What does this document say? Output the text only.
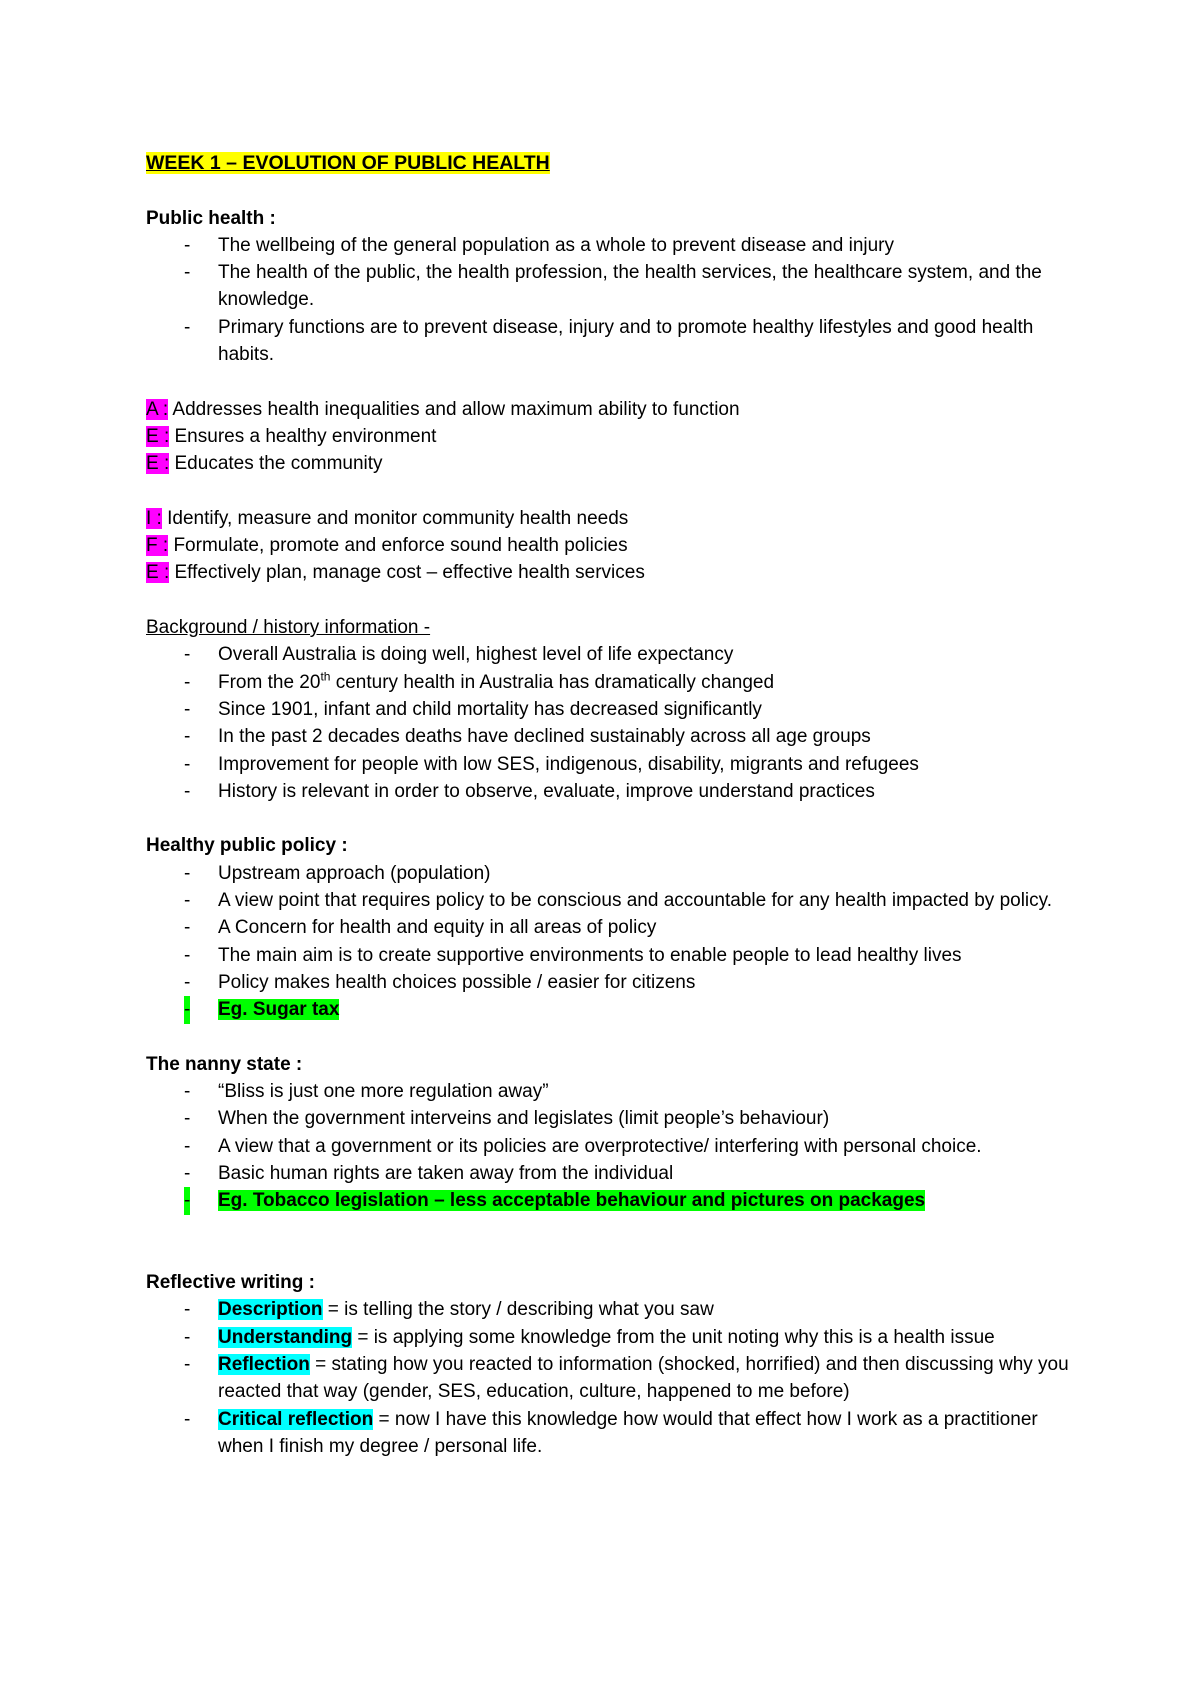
WEEK 1 – EVOLUTION OF PUBLIC HEALTH

Public health :

- The wellbeing of the general population as a whole to prevent disease and injury
- The health of the public, the health profession, the health services, the healthcare system, and the knowledge.
- Primary functions are to prevent disease, injury and to promote healthy lifestyles and good health habits.

A : Addresses health inequalities and allow maximum ability to function

E : Ensures a healthy environment

E : Educates the community

I : Identify, measure and monitor community health needs

F : Formulate, promote and enforce sound health policies

E : Effectively plan, manage cost – effective health services

Background / history information -

- Overall Australia is doing well, highest level of life expectancy
- From the 20th century health in Australia has dramatically changed
- Since 1901, infant and child mortality has decreased significantly
- In the past 2 decades deaths have declined sustainably across all age groups
- Improvement for people with low SES, indigenous, disability, migrants and refugees
- History is relevant in order to observe, evaluate, improve understand practices

Healthy public policy :

- Upstream approach (population)
- A view point that requires policy to be conscious and accountable for any health impacted by policy.
- A Concern for health and equity in all areas of policy
- The main aim is to create supportive environments to enable people to lead healthy lives
- Policy makes health choices possible / easier for citizens
- Eg. Sugar tax

The nanny state :

- “Bliss is just one more regulation away”
- When the government interveins and legislates (limit people’s behaviour)
- A view that a government or its policies are overprotective/ interfering with personal choice.
- Basic human rights are taken away from the individual
- Eg. Tobacco legislation – less acceptable behaviour and pictures on packages

Reflective writing :

- Description = is telling the story / describing what you saw
- Understanding = is applying some knowledge from the unit noting why this is a health issue
- Reflection = stating how you reacted to information (shocked, horrified) and then discussing why you reacted that way (gender, SES, education, culture, happened to me before)
- Critical reflection = now I have this knowledge how would that effect how I work as a practitioner when I finish my degree / personal life.
